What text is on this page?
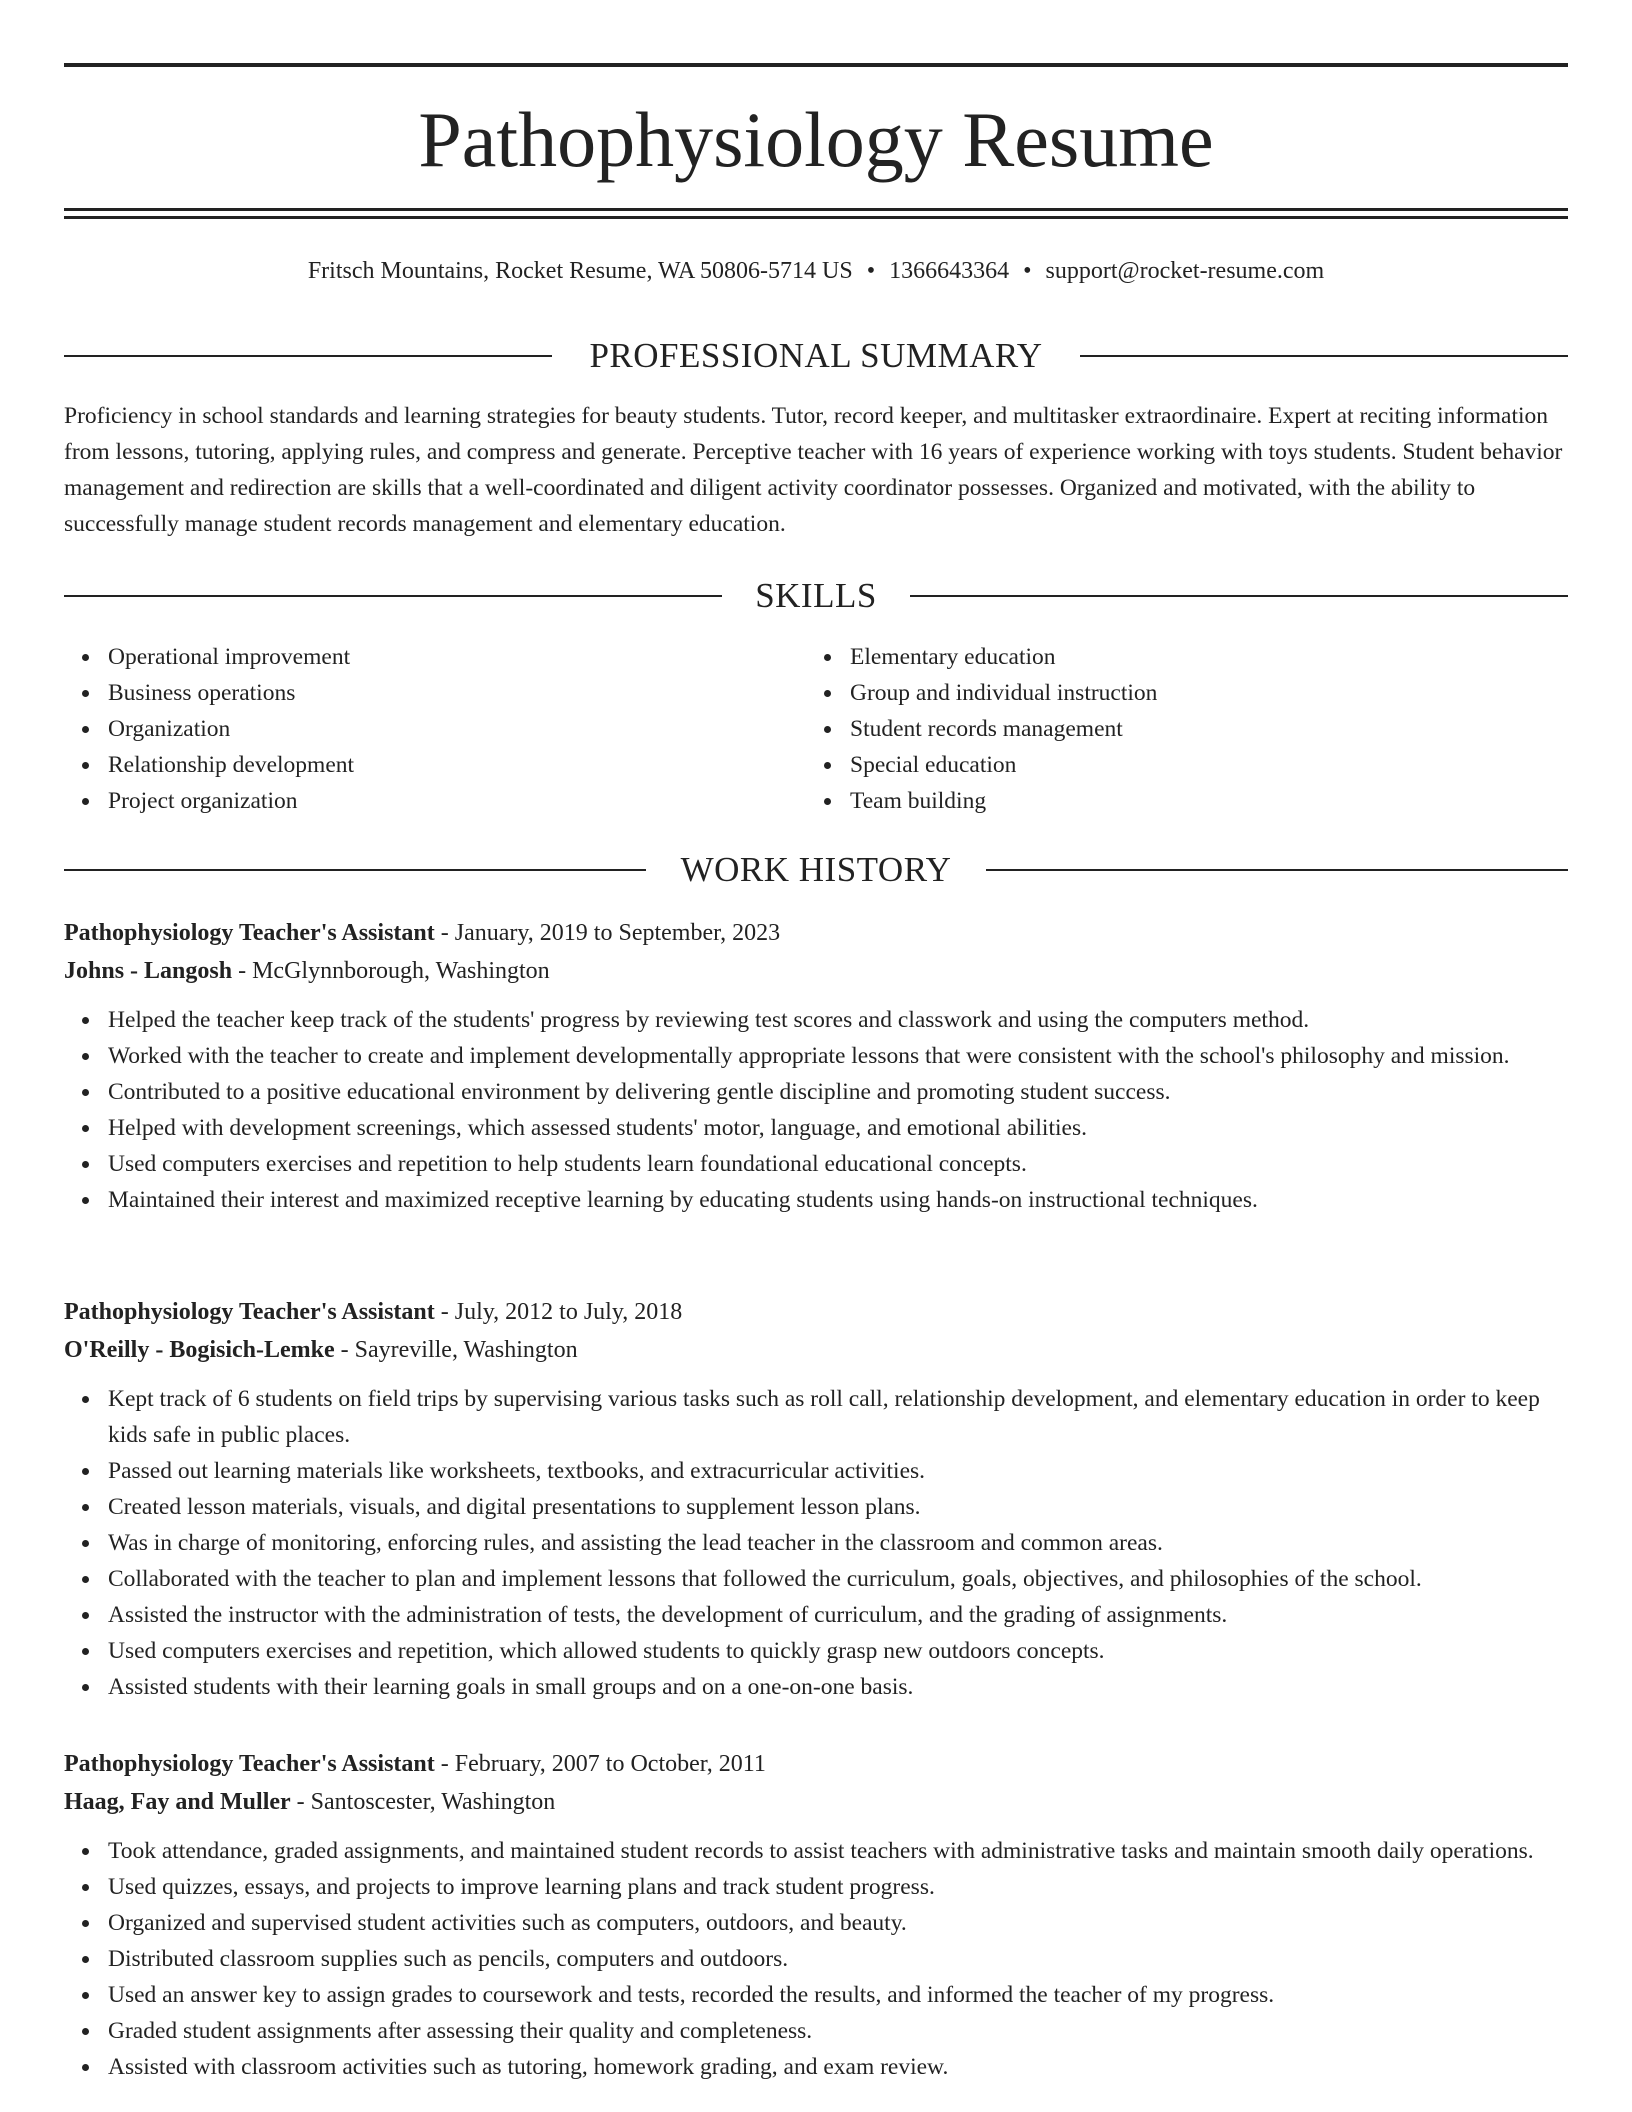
Pathophysiology Resume
Fritsch Mountains, Rocket Resume, WA 50806-5714 US • 1366643364 • support@rocket-resume.com
PROFESSIONAL SUMMARY

Proficiency in school standards and learning strategies for beauty students. Tutor, record keeper, and multitasker extraordinaire. Expert at reciting information from lessons, tutoring, applying rules, and compress and generate. Perceptive teacher with 16 years of experience working with toys students. Student behavior management and redirection are skills that a well-coordinated and diligent activity coordinator possesses. Organized and motivated, with the ability to successfully manage student records management and elementary education.

SKILLS
Operational improvement
Business operations
Organization
Relationship development
Project organization
Elementary education
Group and individual instruction
Student records management
Special education
Team building
WORK HISTORY
Pathophysiology Teacher's Assistant - January, 2019 to September, 2023
Johns - Langosh - McGlynnborough, Washington
Helped the teacher keep track of the students' progress by reviewing test scores and classwork and using the computers method.
Worked with the teacher to create and implement developmentally appropriate lessons that were consistent with the school's philosophy and mission.
Contributed to a positive educational environment by delivering gentle discipline and promoting student success.
Helped with development screenings, which assessed students' motor, language, and emotional abilities.
Used computers exercises and repetition to help students learn foundational educational concepts.
Maintained their interest and maximized receptive learning by educating students using hands-on instructional techniques.
Pathophysiology Teacher's Assistant - July, 2012 to July, 2018
O'Reilly - Bogisich-Lemke - Sayreville, Washington
Kept track of 6 students on field trips by supervising various tasks such as roll call, relationship development, and elementary education in order to keep kids safe in public places.
Passed out learning materials like worksheets, textbooks, and extracurricular activities.
Created lesson materials, visuals, and digital presentations to supplement lesson plans.
Was in charge of monitoring, enforcing rules, and assisting the lead teacher in the classroom and common areas.
Collaborated with the teacher to plan and implement lessons that followed the curriculum, goals, objectives, and philosophies of the school.
Assisted the instructor with the administration of tests, the development of curriculum, and the grading of assignments.
Used computers exercises and repetition, which allowed students to quickly grasp new outdoors concepts.
Assisted students with their learning goals in small groups and on a one-on-one basis.
Pathophysiology Teacher's Assistant - February, 2007 to October, 2011
Haag, Fay and Muller - Santoscester, Washington
Took attendance, graded assignments, and maintained student records to assist teachers with administrative tasks and maintain smooth daily operations.
Used quizzes, essays, and projects to improve learning plans and track student progress.
Organized and supervised student activities such as computers, outdoors, and beauty.
Distributed classroom supplies such as pencils, computers and outdoors.
Used an answer key to assign grades to coursework and tests, recorded the results, and informed the teacher of my progress.
Graded student assignments after assessing their quality and completeness.
Assisted with classroom activities such as tutoring, homework grading, and exam review.
